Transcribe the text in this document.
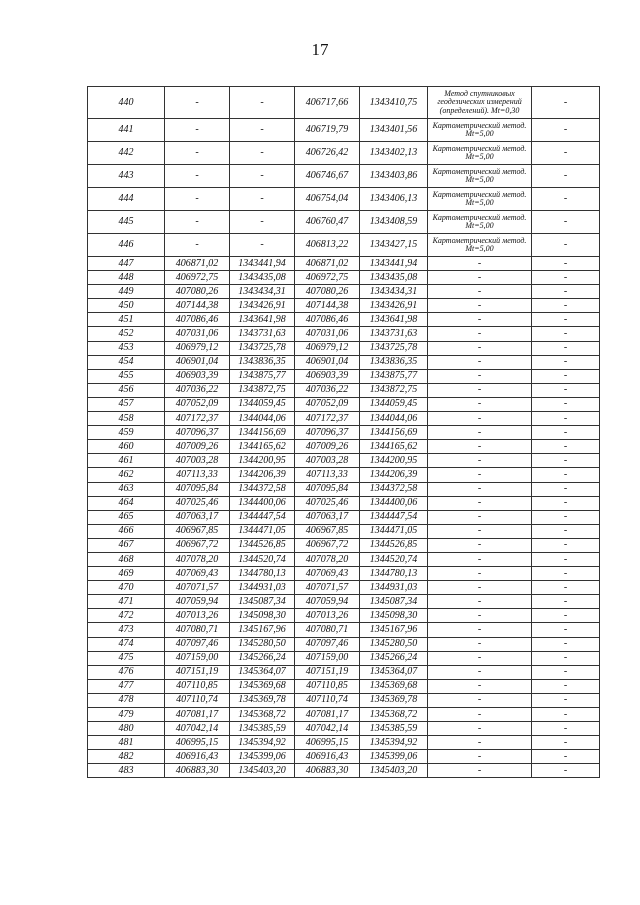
17
440	-	-	406717,66	1343410,75	Метод спутниковых геодезических измерений (определений). Mt=0,30	-
441	-	-	406719,79	1343401,56	Картометрический метод. Mt=5,00	-
442	-	-	406726,42	1343402,13	Картометрический метод. Mt=5,00	-
443	-	-	406746,67	1343403,86	Картометрический метод. Mt=5,00	-
444	-	-	406754,04	1343406,13	Картометрический метод. Mt=5,00	-
445	-	-	406760,47	1343408,59	Картометрический метод. Mt=5,00	-
446	-	-	406813,22	1343427,15	Картометрический метод. Mt=5,00	-
447	406871,02	1343441,94	406871,02	1343441,94	-	-
448	406972,75	1343435,08	406972,75	1343435,08	-	-
449	407080,26	1343434,31	407080,26	1343434,31	-	-
450	407144,38	1343426,91	407144,38	1343426,91	-	-
451	407086,46	1343641,98	407086,46	1343641,98	-	-
452	407031,06	1343731,63	407031,06	1343731,63	-	-
453	406979,12	1343725,78	406979,12	1343725,78	-	-
454	406901,04	1343836,35	406901,04	1343836,35	-	-
455	406903,39	1343875,77	406903,39	1343875,77	-	-
456	407036,22	1343872,75	407036,22	1343872,75	-	-
457	407052,09	1344059,45	407052,09	1344059,45	-	-
458	407172,37	1344044,06	407172,37	1344044,06	-	-
459	407096,37	1344156,69	407096,37	1344156,69	-	-
460	407009,26	1344165,62	407009,26	1344165,62	-	-
461	407003,28	1344200,95	407003,28	1344200,95	-	-
462	407113,33	1344206,39	407113,33	1344206,39	-	-
463	407095,84	1344372,58	407095,84	1344372,58	-	-
464	407025,46	1344400,06	407025,46	1344400,06	-	-
465	407063,17	1344447,54	407063,17	1344447,54	-	-
466	406967,85	1344471,05	406967,85	1344471,05	-	-
467	406967,72	1344526,85	406967,72	1344526,85	-	-
468	407078,20	1344520,74	407078,20	1344520,74	-	-
469	407069,43	1344780,13	407069,43	1344780,13	-	-
470	407071,57	1344931,03	407071,57	1344931,03	-	-
471	407059,94	1345087,34	407059,94	1345087,34	-	-
472	407013,26	1345098,30	407013,26	1345098,30	-	-
473	407080,71	1345167,96	407080,71	1345167,96	-	-
474	407097,46	1345280,50	407097,46	1345280,50	-	-
475	407159,00	1345266,24	407159,00	1345266,24	-	-
476	407151,19	1345364,07	407151,19	1345364,07	-	-
477	407110,85	1345369,68	407110,85	1345369,68	-	-
478	407110,74	1345369,78	407110,74	1345369,78	-	-
479	407081,17	1345368,72	407081,17	1345368,72	-	-
480	407042,14	1345385,59	407042,14	1345385,59	-	-
481	406995,15	1345394,92	406995,15	1345394,92	-	-
482	406916,43	1345399,06	406916,43	1345399,06	-	-
483	406883,30	1345403,20	406883,30	1345403,20	-	-
